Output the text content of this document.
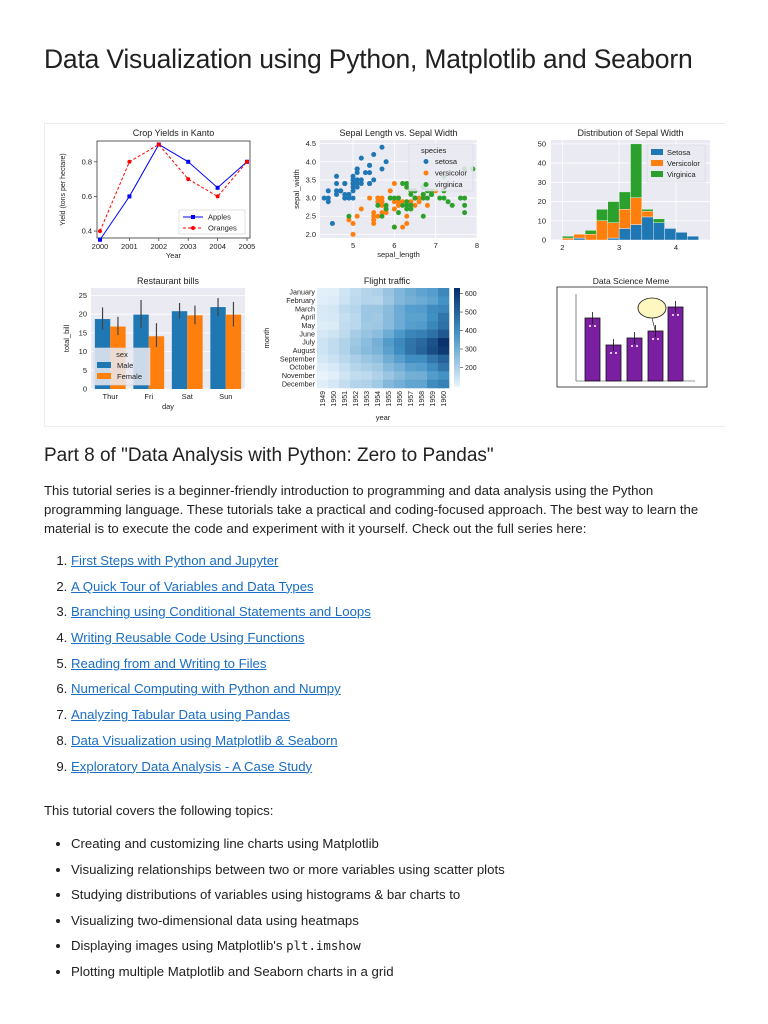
Data Visualization using Python, Matplotlib and Seaborn
Crop Yields in Kanto
2000 2001 2002 2003 2004 2005
0.4
0.6
0.8
Year
Yield (tons per hectare)	Apples
Oranges
5	6	7	8
2.0
2.5
3.0
3.5
4.0
4.5
Sepal Length vs. Sepal Width
sepal_length
sepal_width
species
setosa
versicolor
virginica
2	3	4
0
10
20
30
40
50
Distribution of Sepal Width
Setosa
Versicolor
Virginica
0
5
10
15
20
25
Restaurant bills
Thur	Fri	Sat	Sun
day
total_bill
sex
Male
Female
Flight traffic
January
February
March
April
May
June
July
August
September
October
November
December
1949 1950 1951 1952 1953 1954 1955 1956 1957 1958 1959 1960
year
month
600
500
400
300
200
Data Science Meme
Part 8 of "Data Analysis with Python: Zero to Pandas"

This tutorial series is a beginner-friendly introduction to programming and data analysis using the Python programming language. These tutorials take a practical and coding-focused approach. The best way to learn the material is to execute the code and experiment with it yourself. Check out the full series here:

1. First Steps with Python and Jupyter
2. A Quick Tour of Variables and Data Types
3. Branching using Conditional Statements and Loops
4. Writing Reusable Code Using Functions
5. Reading from and Writing to Files
6. Numerical Computing with Python and Numpy
7. Analyzing Tabular Data using Pandas
8. Data Visualization using Matplotlib & Seaborn
9. Exploratory Data Analysis - A Case Study

This tutorial covers the following topics:

• Creating and customizing line charts using Matplotlib
• Visualizing relationships between two or more variables using scatter plots
• Studying distributions of variables using histograms & bar charts to
• Visualizing two-dimensional data using heatmaps
• Displaying images using Matplotlib's plt.imshow
• Plotting multiple Matplotlib and Seaborn charts in a grid
